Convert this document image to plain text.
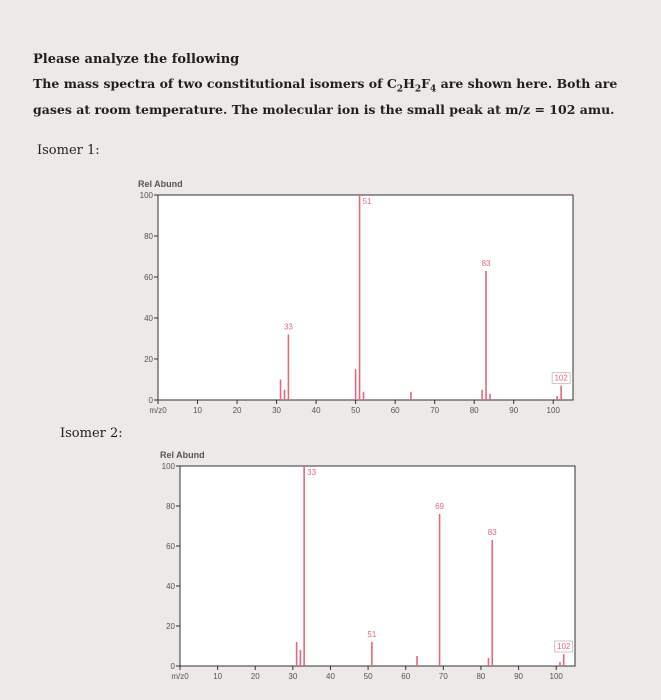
Please analyze the following
The mass spectra of two constitutional isomers of $C_2H_2F_4$ are shown here. Both are gases at room temperature. The molecular ion is the small peak at m/z = 102 amu.
Isomer 1:
Isomer 2:
0
20
40
60
80
100
Rel Abund
m/z0	10	20	30	40	50	60	70	80	90	100
33
51
83
102
0
20
40
60
80
100
Rel Abund
m/z0	10	20	30	40	50	60	70	80	90	100
33
51
69
83
102
